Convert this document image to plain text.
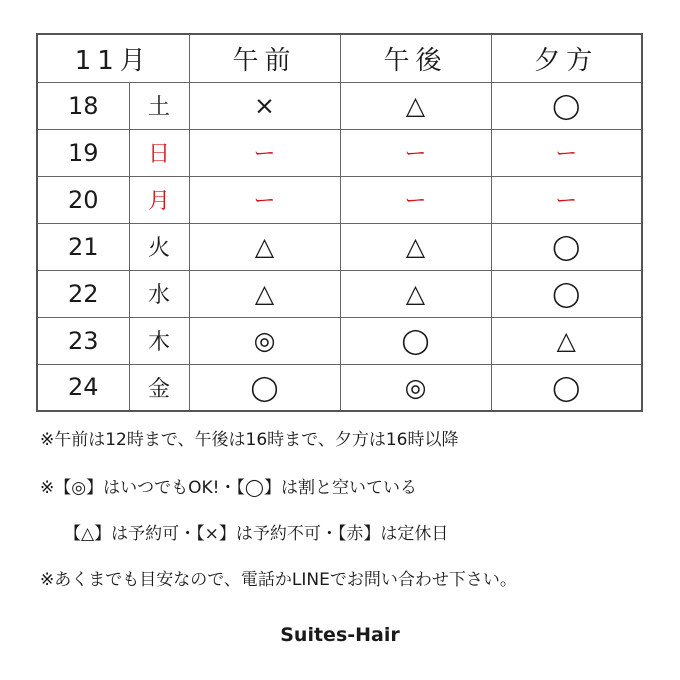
11月		午前	午後	夕方
18	土	×	△	◯
19	日	ー	ー	ー
20	月	ー	ー	ー
21	火	△	△	◯
22	水	△	△	◯
23	木	◎	◯	△
24	金	◯	◎	◯
※午前は12時まで、午後は16時まで、夕方は16時以降
※【◎】はいつでもOK!・【◯】は割と空いている
【△】は予約可・【×】は予約不可・【赤】は定休日
※あくまでも目安なので、電話かLINEでお問い合わせ下さい。
Suites-Hair
